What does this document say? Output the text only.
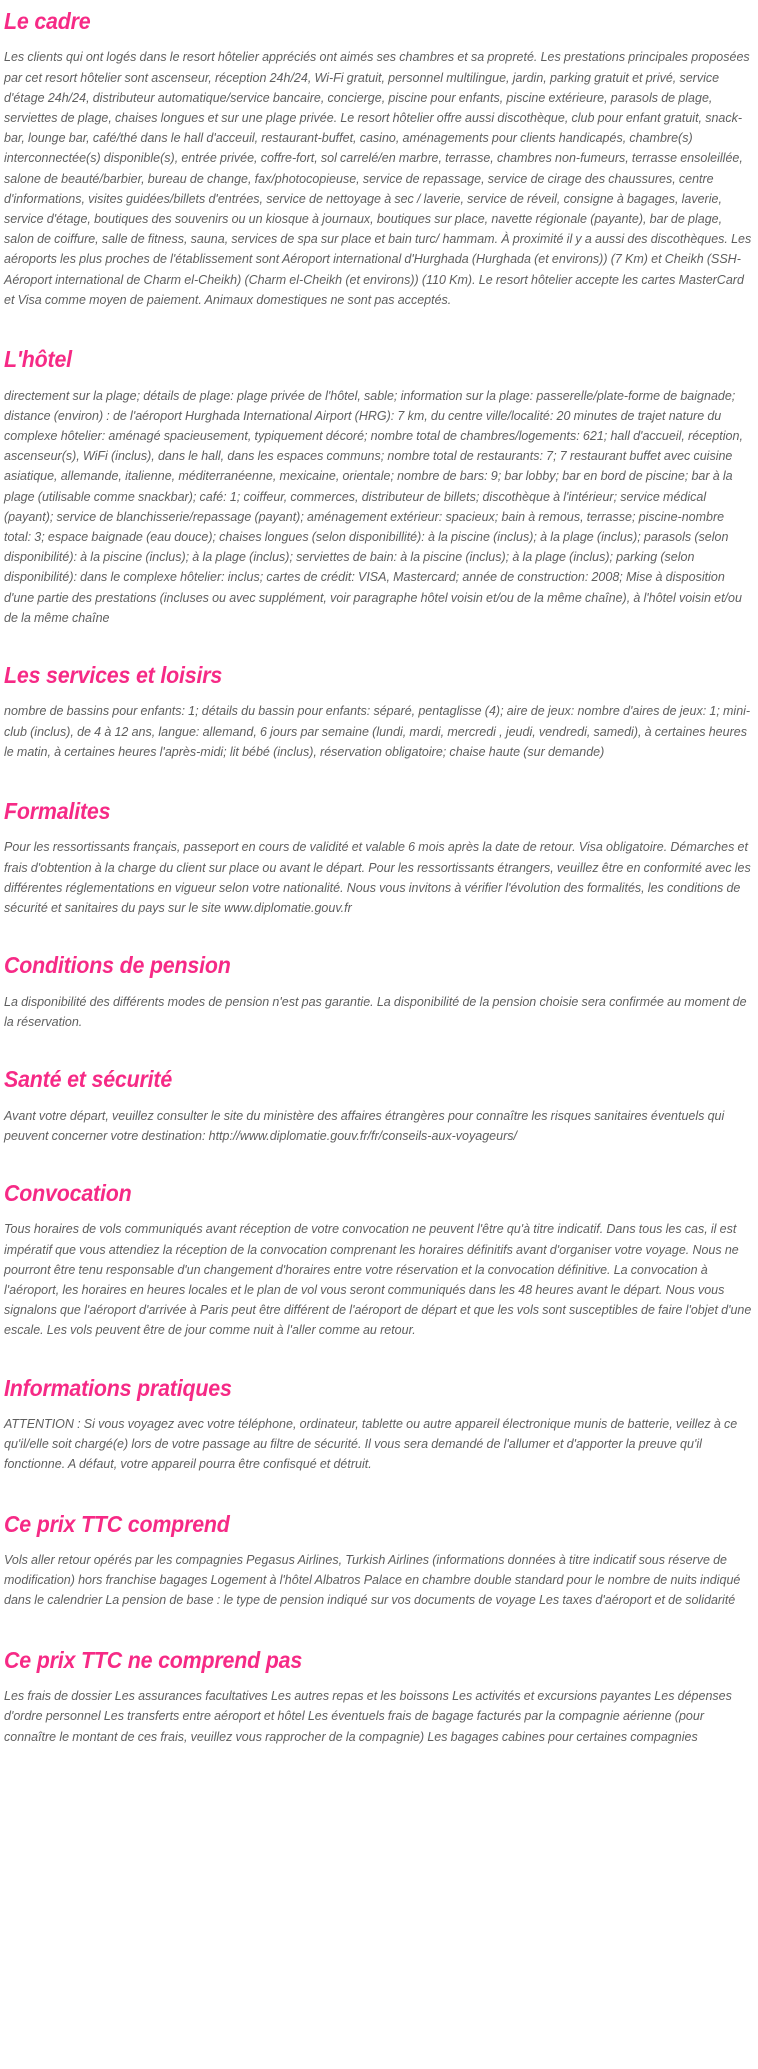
Le cadre

Les clients qui ont logés dans le resort hôtelier appréciés ont aimés ses chambres et sa propreté. Les prestations principales proposées par cet resort hôtelier sont ascenseur, réception 24h/24, Wi-Fi gratuit, personnel multilingue, jardin, parking gratuit et privé, service d'étage 24h/24, distributeur automatique/service bancaire, concierge, piscine pour enfants, piscine extérieure, parasols de plage, serviettes de plage, chaises longues et sur une plage privée. Le resort hôtelier offre aussi discothèque, club pour enfant gratuit, snack-bar, lounge bar, café/thé dans le hall d'acceuil, restaurant-buffet, casino, aménagements pour clients handicapés, chambre(s) interconnectée(s) disponible(s), entrée privée, coffre-fort, sol carrelé/en marbre, terrasse, chambres non-fumeurs, terrasse ensoleillée, salone de beauté/barbier, bureau de change, fax/photocopieuse, service de repassage, service de cirage des chaussures, centre d'informations, visites guidées/billets d'entrées, service de nettoyage à sec / laverie, service de réveil, consigne à bagages, laverie, service d'étage, boutiques des souvenirs ou un kiosque à journaux, boutiques sur place, navette régionale (payante), bar de plage, salon de coiffure, salle de fitness, sauna, services de spa sur place et bain turc/ hammam. À proximité il y a aussi des discothèques. Les aéroports les plus proches de l'établissement sont Aéroport international d'Hurghada (Hurghada (et environs)) (7 Km) et Cheikh (SSH-Aéroport international de Charm el-Cheikh) (Charm el-Cheikh (et environs)) (110 Km). Le resort hôtelier accepte les cartes MasterCard et Visa comme moyen de paiement. Animaux domestiques ne sont pas acceptés.

L'hôtel

directement sur la plage; détails de plage: plage privée de l'hôtel, sable; information sur la plage: passerelle/plate-forme de baignade; distance (environ) : de l'aéroport Hurghada International Airport (HRG): 7 km, du centre ville/localité: 20 minutes de trajet nature du complexe hôtelier: aménagé spacieusement, typiquement décoré; nombre total de chambres/logements: 621; hall d'accueil, réception, ascenseur(s), WiFi (inclus), dans le hall, dans les espaces communs; nombre total de restaurants: 7; 7 restaurant buffet avec cuisine asiatique, allemande, italienne, méditerranéenne, mexicaine, orientale; nombre de bars: 9; bar lobby; bar en bord de piscine; bar à la plage (utilisable comme snackbar); café: 1; coiffeur, commerces, distributeur de billets; discothèque à l'intérieur; service médical (payant); service de blanchisserie/repassage (payant); aménagement extérieur: spacieux; bain à remous, terrasse; piscine-nombre total: 3; espace baignade (eau douce); chaises longues (selon disponibillité): à la piscine (inclus); à la plage (inclus); parasols (selon disponibilité): à la piscine (inclus); à la plage (inclus); serviettes de bain: à la piscine (inclus); à la plage (inclus); parking (selon disponibilité): dans le complexe hôtelier: inclus; cartes de crédit: VISA, Mastercard; année de construction: 2008; Mise à disposition d'une partie des prestations (incluses ou avec supplément, voir paragraphe hôtel voisin et/ou de la même chaîne), à l'hôtel voisin et/ou de la même chaîne

Les services et loisirs

nombre de bassins pour enfants: 1; détails du bassin pour enfants: séparé, pentaglisse (4); aire de jeux: nombre d'aires de jeux: 1; mini-club (inclus), de 4 à 12 ans, langue: allemand, 6 jours par semaine (lundi, mardi, mercredi , jeudi, vendredi, samedi), à certaines heures le matin, à certaines heures l'après-midi; lit bébé (inclus), réservation obligatoire; chaise haute (sur demande)

Formalites

Pour les ressortissants français, passeport en cours de validité et valable 6 mois après la date de retour. Visa obligatoire. Démarches et frais d'obtention à la charge du client sur place ou avant le départ. Pour les ressortissants étrangers, veuillez être en conformité avec les différentes réglementations en vigueur selon votre nationalité. Nous vous invitons à vérifier l'évolution des formalités, les conditions de sécurité et sanitaires du pays sur le site www.diplomatie.gouv.fr

Conditions de pension

La disponibilité des différents modes de pension n'est pas garantie. La disponibilité de la pension choisie sera confirmée au moment de la réservation.

Santé et sécurité

Avant votre départ, veuillez consulter le site du ministère des affaires étrangères pour connaître les risques sanitaires éventuels qui peuvent concerner votre destination: http://www.diplomatie.gouv.fr/fr/conseils-aux-voyageurs/

Convocation

Tous horaires de vols communiqués avant réception de votre convocation ne peuvent l'être qu'à titre indicatif. Dans tous les cas, il est impératif que vous attendiez la réception de la convocation comprenant les horaires définitifs avant d'organiser votre voyage. Nous ne pourront être tenu responsable d'un changement d'horaires entre votre réservation et la convocation définitive. La convocation à l'aéroport, les horaires en heures locales et le plan de vol vous seront communiqués dans les 48 heures avant le départ. Nous vous signalons que l'aéroport d'arrivée à Paris peut être différent de l'aéroport de départ et que les vols sont susceptibles de faire l'objet d'une escale. Les vols peuvent être de jour comme nuit à l'aller comme au retour.

Informations pratiques

ATTENTION : Si vous voyagez avec votre téléphone, ordinateur, tablette ou autre appareil électronique munis de batterie, veillez à ce qu'il/elle soit chargé(e) lors de votre passage au filtre de sécurité. Il vous sera demandé de l'allumer et d'apporter la preuve qu'il fonctionne. A défaut, votre appareil pourra être confisqué et détruit.

Ce prix TTC comprend

Vols aller retour opérés par les compagnies Pegasus Airlines, Turkish Airlines (informations données à titre indicatif sous réserve de modification) hors franchise bagages Logement à l'hôtel Albatros Palace en chambre double standard pour le nombre de nuits indiqué dans le calendrier La pension de base : le type de pension indiqué sur vos documents de voyage Les taxes d'aéroport et de solidarité

Ce prix TTC ne comprend pas

Les frais de dossier Les assurances facultatives Les autres repas et les boissons Les activités et excursions payantes Les dépenses d'ordre personnel Les transferts entre aéroport et hôtel Les éventuels frais de bagage facturés par la compagnie aérienne (pour connaître le montant de ces frais, veuillez vous rapprocher de la compagnie) Les bagages cabines pour certaines compagnies
